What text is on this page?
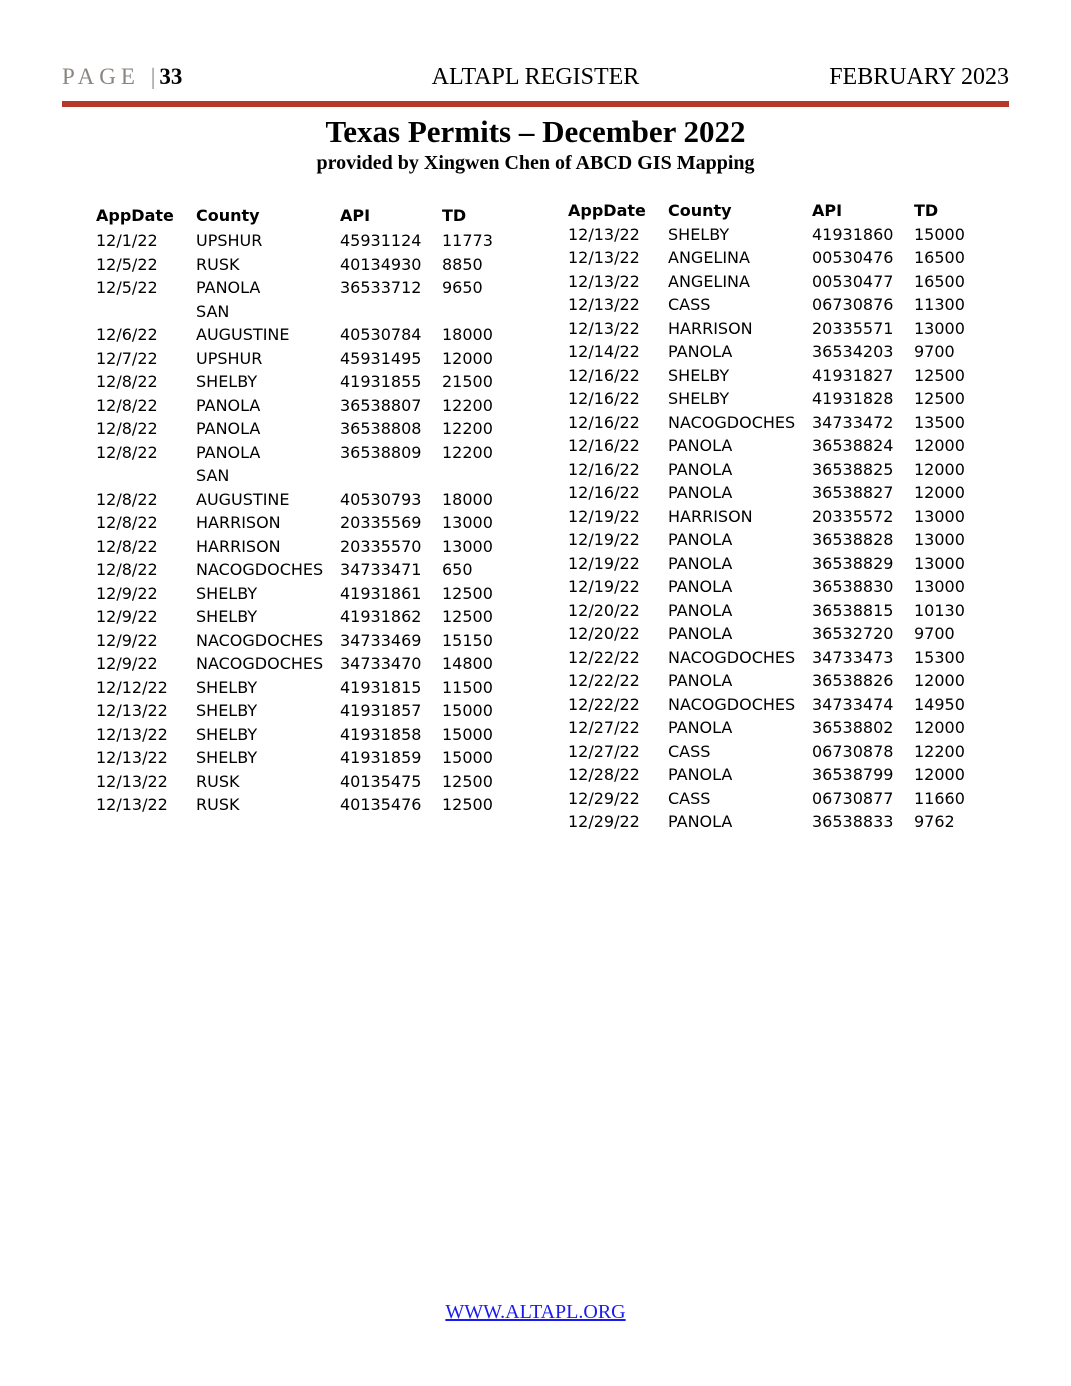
PAGE | 33	ALTAPL REGISTER	FEBRUARY 2023
Texas Permits – December 2022
provided by Xingwen Chen of ABCD GIS Mapping
AppDate County	API	TD
12/1/22 UPSHUR	45931124 11773
12/5/22 RUSK	40134930 8850
12/5/22 PANOLA	36533712 9650
SAN
12/6/22 AUGUSTINE	40530784 18000
12/7/22 UPSHUR	45931495 12000
12/8/22 SHELBY	41931855 21500
12/8/22 PANOLA	36538807 12200
12/8/22 PANOLA	36538808 12200
12/8/22 PANOLA	36538809 12200
SAN
12/8/22 AUGUSTINE	40530793 18000
12/8/22 HARRISON	20335569 13000
12/8/22 HARRISON	20335570 13000
12/8/22 NACOGDOCHES 34733471 650
12/9/22 SHELBY	41931861 12500
12/9/22 SHELBY	41931862 12500
12/9/22 NACOGDOCHES 34733469 15150
12/9/22 NACOGDOCHES 34733470 14800
12/12/22 SHELBY	41931815 11500
12/13/22 SHELBY	41931857 15000
12/13/22 SHELBY	41931858 15000
12/13/22 SHELBY	41931859 15000
12/13/22 RUSK	40135475 12500
12/13/22 RUSK	40135476 12500
AppDate County	API	TD
12/13/22 SHELBY	41931860 15000
12/13/22 ANGELINA	00530476 16500
12/13/22 ANGELINA	00530477 16500
12/13/22 CASS	06730876 11300
12/13/22 HARRISON	20335571 13000
12/14/22 PANOLA	36534203 9700
12/16/22 SHELBY	41931827 12500
12/16/22 SHELBY	41931828 12500
12/16/22 NACOGDOCHES 34733472 13500
12/16/22 PANOLA	36538824 12000
12/16/22 PANOLA	36538825 12000
12/16/22 PANOLA	36538827 12000
12/19/22 HARRISON	20335572 13000
12/19/22 PANOLA	36538828 13000
12/19/22 PANOLA	36538829 13000
12/19/22 PANOLA	36538830 13000
12/20/22 PANOLA	36538815 10130
12/20/22 PANOLA	36532720 9700
12/22/22 NACOGDOCHES 34733473 15300
12/22/22 PANOLA	36538826 12000
12/22/22 NACOGDOCHES 34733474 14950
12/27/22 PANOLA	36538802 12000
12/27/22 CASS	06730878 12200
12/28/22 PANOLA	36538799 12000
12/29/22 CASS	06730877 11660
12/29/22 PANOLA	36538833 9762
WWW.ALTAPL.ORG
